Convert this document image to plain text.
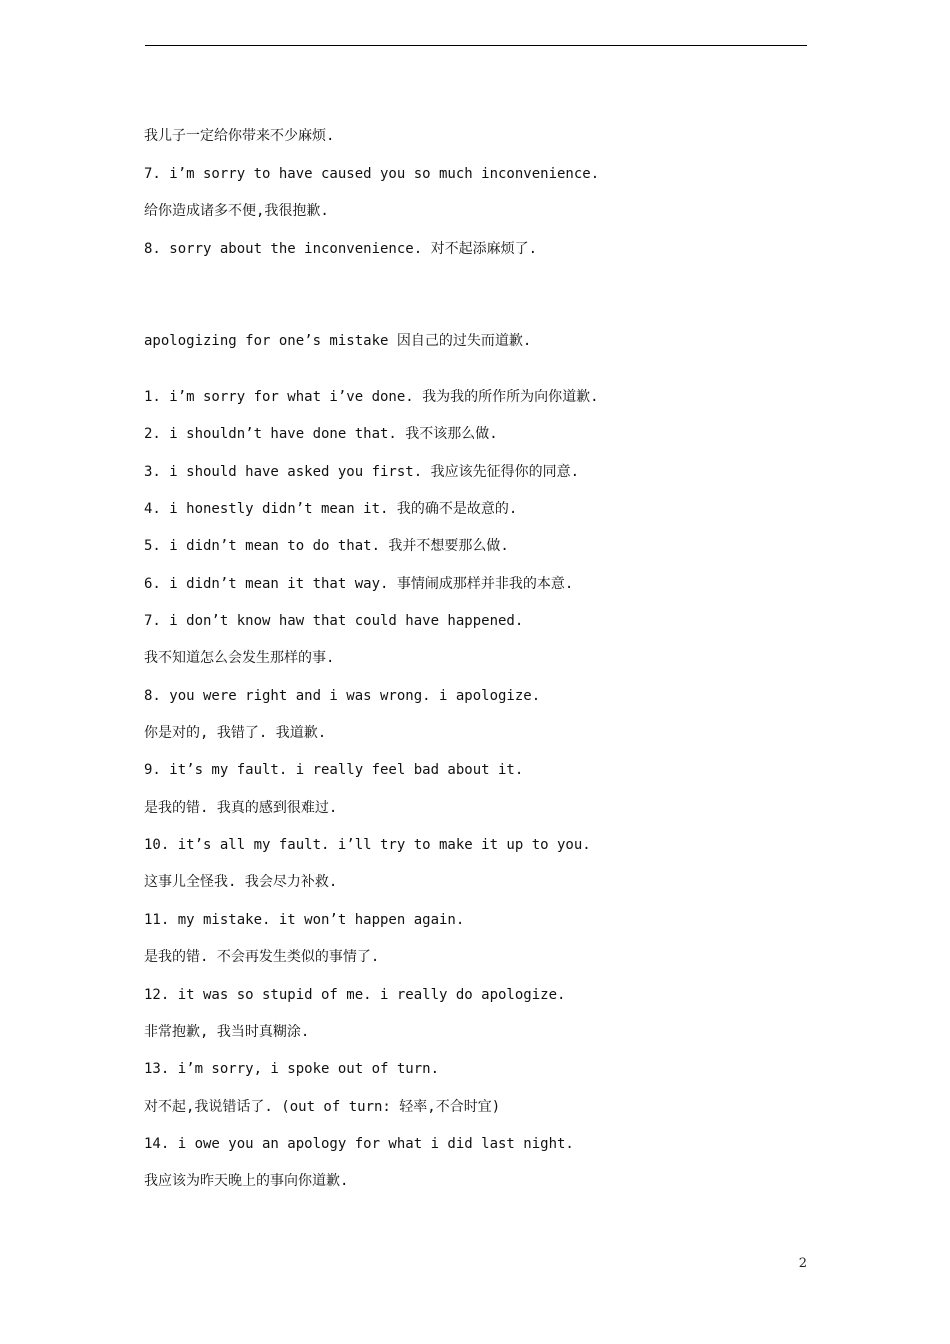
我儿子一定给你带来不少麻烦.
7. i’m sorry to have caused you so much inconvenience.
给你造成诸多不便,我很抱歉.
8. sorry about the inconvenience. 对不起添麻烦了.
apologizing for one’s mistake 因自己的过失而道歉.
1. i’m sorry for what i’ve done. 我为我的所作所为向你道歉.
2. i shouldn’t have done that. 我不该那么做.
3. i should have asked you first. 我应该先征得你的同意.
4. i honestly didn’t mean it. 我的确不是故意的.
5. i didn’t mean to do that. 我并不想要那么做.
6. i didn’t mean it that way. 事情闹成那样并非我的本意.
7. i don’t know haw that could have happened.
我不知道怎么会发生那样的事.
8. you were right and i was wrong. i apologize.
你是对的, 我错了. 我道歉.
9. it’s my fault. i really feel bad about it.
是我的错. 我真的感到很难过.
10. it’s all my fault. i’ll try to make it up to you.
这事儿全怪我. 我会尽力补救.
11. my mistake. it won’t happen again.
是我的错. 不会再发生类似的事情了.
12. it was so stupid of me. i really do apologize.
非常抱歉, 我当时真糊涂.
13. i’m sorry, i spoke out of turn.
对不起,我说错话了. (out of turn: 轻率,不合时宜)
14. i owe you an apology for what i did last night.
我应该为昨天晚上的事向你道歉.
2
